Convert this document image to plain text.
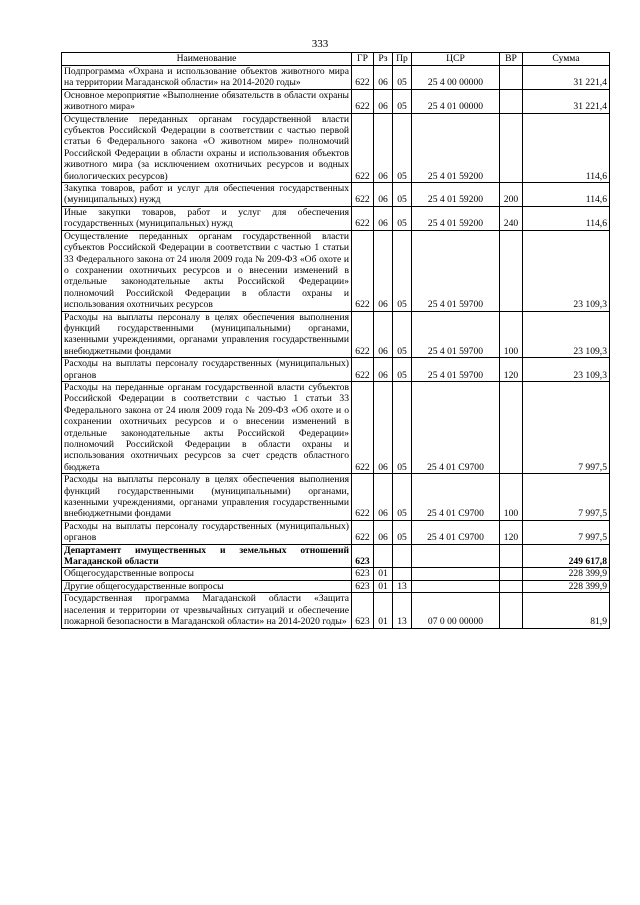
333
Наименование	ГР	Рз	Пр	ЦСР	ВР	Сумма
Подпрограмма «Охрана и использование объектов животного мира на территории Магаданской области» на 2014-2020 годы»	622	06	05	25 4 00 00000		31 221,4
Основное мероприятие «Выполнение обязательств в области охраны животного мира»	622	06	05	25 4 01 00000		31 221,4
Осуществление переданных органам государственной власти субъектов Российской Федерации в соответствии с частью первой статьи 6 Федерального закона «О животном мире» полномочий Российской Федерации в области охраны и использования объектов животного мира (за исключением охотничьих ресурсов и водных биологических ресурсов)	622	06	05	25 4 01 59200		114,6
Закупка товаров, работ и услуг для обеспечения государственных (муниципальных) нужд	622	06	05	25 4 01 59200	200	114,6
Иные закупки товаров, работ и услуг для обеспечения государственных (муниципальных) нужд	622	06	05	25 4 01 59200	240	114,6
Осуществление переданных органам государственной власти субъектов Российской Федерации в соответствии с частью 1 статьи 33 Федерального закона от 24 июля 2009 года № 209-ФЗ «Об охоте и о сохранении охотничьих ресурсов и о внесении изменений в отдельные законодательные акты Российской Федерации» полномочий Российской Федерации в области охраны и использования охотничьих ресурсов	622	06	05	25 4 01 59700		23 109,3
Расходы на выплаты персоналу в целях обеспечения выполнения функций государственными (муниципальными) органами, казенными учреждениями, органами управления государственными внебюджетными фондами	622	06	05	25 4 01 59700	100	23 109,3
Расходы на выплаты персоналу государственных (муниципальных) органов	622	06	05	25 4 01 59700	120	23 109,3
Расходы на переданные органам государственной власти субъектов Российской Федерации в соответствии с частью 1 статьи 33 Федерального закона от 24 июля 2009 года № 209-ФЗ «Об охоте и о сохранении охотничьих ресурсов и о внесении изменений в отдельные законодательные акты Российской Федерации» полномочий Российской Федерации в области охраны и использования охотничьих ресурсов за счет средств областного бюджета	622	06	05	25 4 01 С9700		7 997,5
Расходы на выплаты персоналу в целях обеспечения выполнения функций государственными (муниципальными) органами, казенными учреждениями, органами управления государственными внебюджетными фондами	622	06	05	25 4 01 С9700	100	7 997,5
Расходы на выплаты персоналу государственных (муниципальных) органов	622	06	05	25 4 01 С9700	120	7 997,5
Департамент имущественных и земельных отношений Магаданской области	623					249 617,8
Общегосударственные вопросы	623	01				228 399,9
Другие общегосударственные вопросы	623	01	13			228 399,9
Государственная программа Магаданской области «Защита населения и территории от чрезвычайных ситуаций и обеспечение пожарной безопасности в Магаданской области» на 2014-2020 годы»	623	01	13	07 0 00 00000		81,9
